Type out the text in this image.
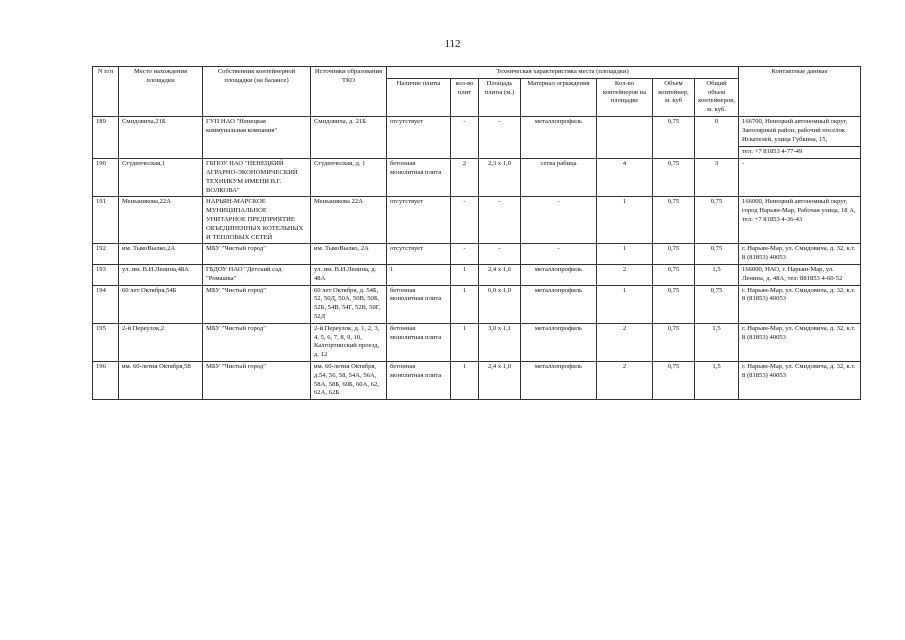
112
N п/п	Место нахождения площадки	Собственник контейнерной площадки (на балансе)	Источники образования ТКО	Техническая характеристика места (площадки)							Контактные данные
				Наличие плиты	кол-во плит	Площадь плиты (м.)	Материал ограждения	Кол-во контейнеров на площадке	Объем контейнер, м. куб	Общий объем контейнеров, м. куб.	
189	Смидовича,21Б	ГУП НАО "Ненецкая коммунальная компания"	Смидовича, д. 21Б	отсутствует	-	-	металлопрофиль		0,75	0	166700, Ненецкий автономный округ, Заполярный район, рабочий поселок Искателей, улица Губкина, 15,
тел: +7 81853 4-77-49

190	Студенческая,1	ГБПОУ НАО "НЕНЕЦКИЙ АГРАРНО-ЭКОНОМИЧЕСКИЙ ТЕХНИКУМ ИМЕНИ В.Г. ВОЛКОВА"	Студенческая, д. 1	бетонная монолитная плита	2	2,3 х 1,0	сетка рабица	4	0,75	3	-
191	Меньшикова,22А	НАРЬЯН-МАРСКОЕ МУНИЦИПАЛЬНОЕ УНИТАРНОЕ ПРЕДПРИЯТИЕ ОБЪЕДИНЕННЫХ КОТЕЛЬНЫХ И ТЕПЛОВЫХ СЕТЕЙ	Меньшикова 22А	отсутствует	-	-	-	1	0,75	0,75	166000, Ненецкий автономный округ, город Нарьян-Мар, Рабочая улица, 18 А, тел: +7 81853 4-36-43
192	им. ТыкоВылко,2А	МБУ "Чистый город"	им. ТыкоВылко, 2А	отсутствует	-	-	-	1	0,75	0,75	г. Нарьян-Мар, ул. Смидовича, д. 32, к.т. 8 (81853) 40053
193	ул. им. В.И.Ленина,48А	ГБДОУ НАО "Детский сад "Ромашка"	ул. им. В.И.Ленина, д. 48А	1	1	2,4 х 1,6	металлопрофиль	2	0,75	1,5	166000, НАО, г. Нарьян-Мар, ул. Ленина, д. 48А, тел: 881853 4-60-52
194	60 лет Октября,54Б	МБУ "Чистый город"	60 лет Октября, д. 54Б, 52, 50Д, 50А, 50В, 50Б, 52Б, 54В, 54Г, 52В, 50Г, 52Д	бетонная монолитная плита	1	6,0 х 1,0	металлопрофиль	1	0,75	0,75	г. Нарьян-Мар, ул. Смидовича, д. 32, к.т. 8 (81853) 40053
195	2-й Переулок,2	МБУ "Чистый город"	2-й Переулок, д. 1, 2, 3, 4, 5, 6, 7, 8, 9, 10, Калгортинский проезд, д. 12	бетонная монолитная плита	1	3,0 х 1,1	металлопрофиль	2	0,75	1,5	г. Нарьян-Мар, ул. Смидовича, д. 32, к.т. 8 (81853) 40053
196	им. 60-летия Октября,58	МБУ "Чистый город"	им. 60-летия Октября, д.54, 56, 58, 54А, 56А, 58А, 58Б, 60Б, 60А, 62, 62А, 62Б	бетонная монолитная плита	1	2,4 х 1,0	металлопрофиль	2	0,75	1,5	г. Нарьян-Мар, ул. Смидовича, д. 32, к.т. 8 (81853) 40053
